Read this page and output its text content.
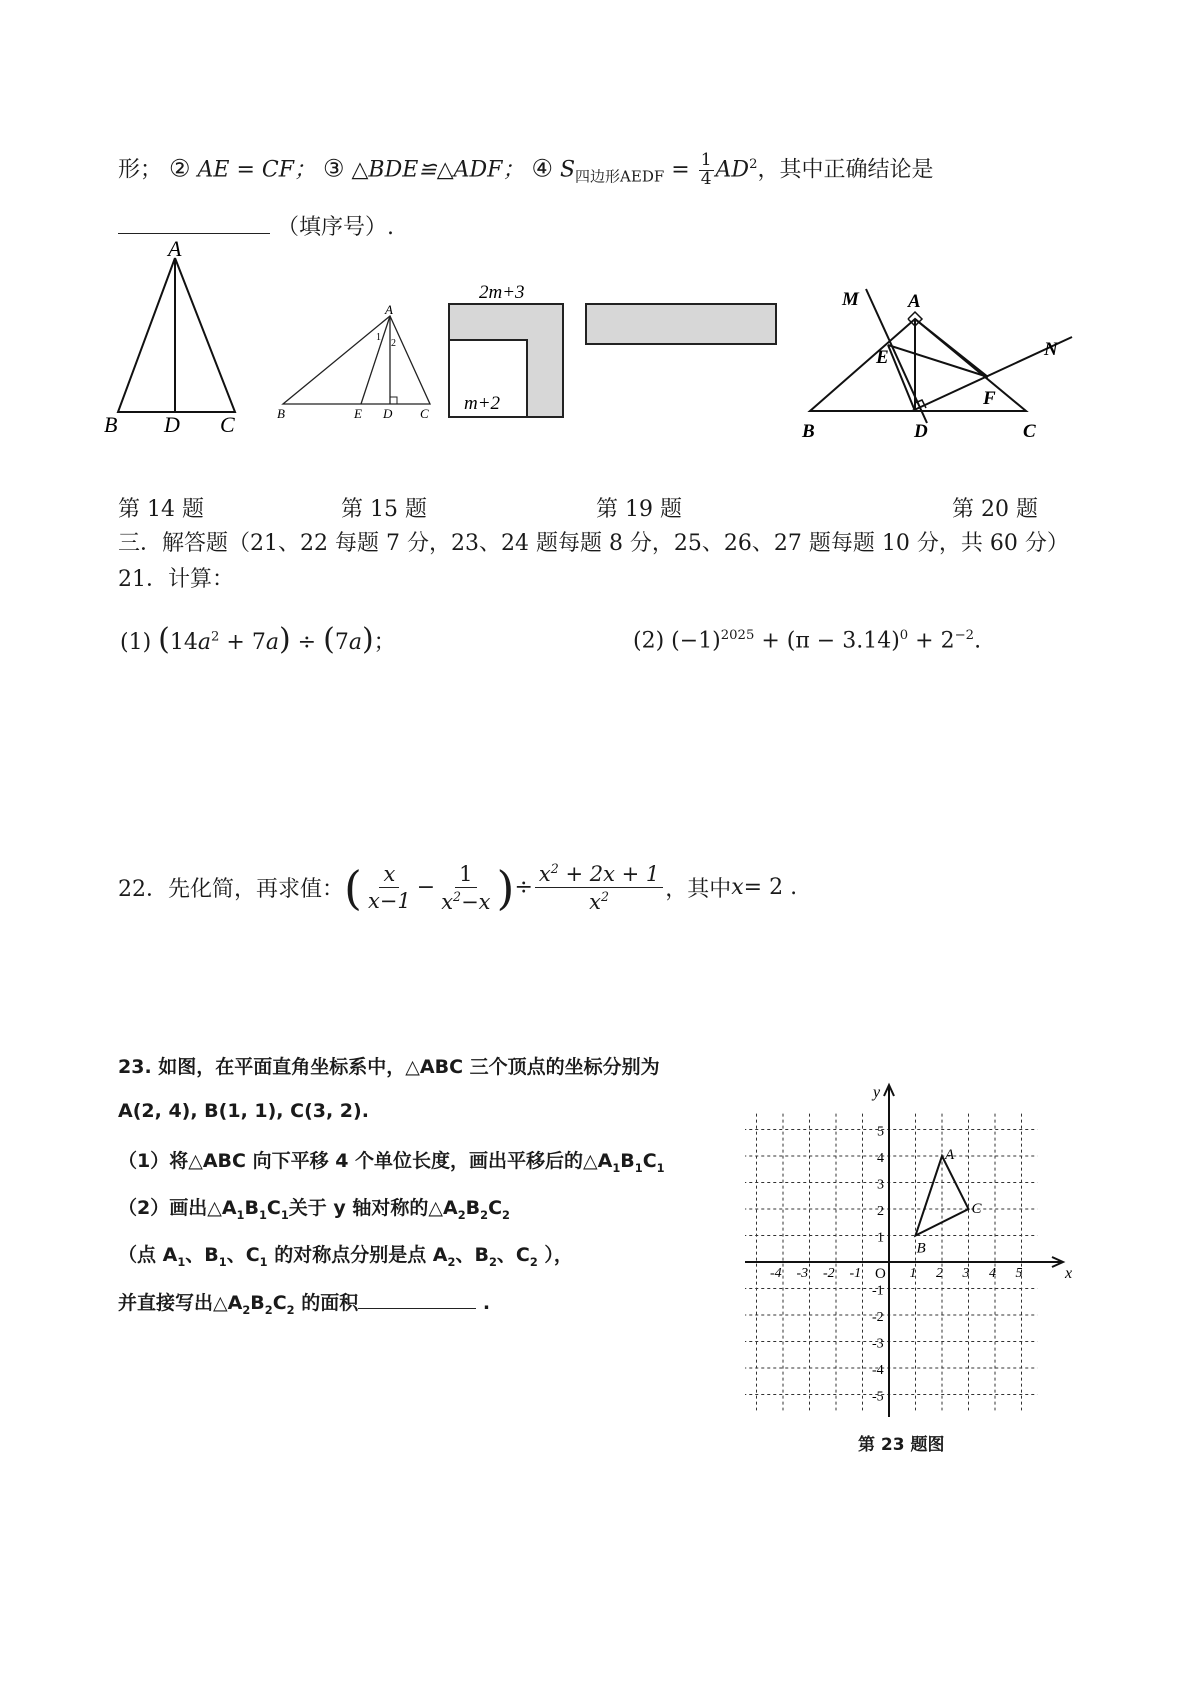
形； ② AE = CF； ③ △BDE≌△ADF； ④ $S_{四边形AEDF} = \frac{1}{4} AD^2$，其中正确结论是
（填序号）.
A
B D C
A
1
2
B	E D C
2m+3
m+2
M	A
N
E
F
B	D	C
第 14 题	第 15 题	第 19 题	第 20 题
三．解答题（21、22 每题 7 分，23、24 题每题 8 分，25、26、27 题每题 10 分，共 60 分）
21．计算：
(1) $(14a^2 + 7a) \div (7a)$；	(2) $(-1)^{2025} + (\pi - 3.14)^0 + 2^{-2}$.
22．先化简，再求值： ( $\frac{x}{x-1} - \frac{1}{x^2-x}$ ) ÷ $\frac{x^2 + 2x + 1}{x^2}$ ，其中 x = 2 .
23. 如图，在平面直角坐标系中，△ABC 三个顶点的坐标分别为
A(2, 4), B(1, 1), C(3, 2).
（1）将△ABC 向下平移 4 个单位长度，画出平移后的$\triangle A_1B_1C_1$
（2）画出$\triangle A_1B_1C_1$关于 y 轴对称的$\triangle A_2B_2C_2$
（点 $A_1$、$B_1$、$C_1$ 的对称点分别是点 $A_2$、$B_2$、$C_2$ ），
并直接写出$\triangle A_2B_2C_2$ 的面积	.
x
y
O
-4 -3 -2 -1	1 2 3 4 5
5
4
3
2
1
-1
-2
-3
-4
-5
A
B
C
第 23 题图
